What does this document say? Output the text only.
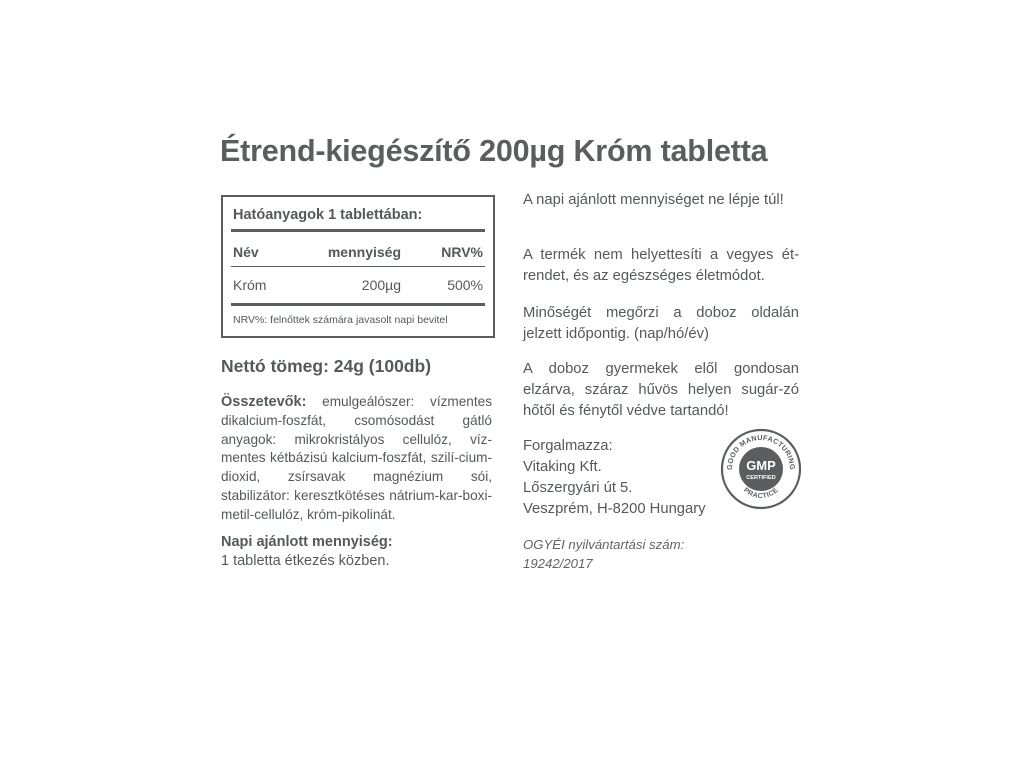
Étrend-kiegészítő 200µg Króm tabletta
Hatóanyagok 1 tablettában:
Név	mennyiség	NRV%
Króm	200µg	500%
NRV%: felnőttek számára javasolt napi bevitel
Nettó tömeg: 24g (100db)
Összetevők: emulgeálószer: vízmentes dikalcium-foszfát, csomósodást gátló anyagok: mikrokristályos cellulóz, víz-mentes kétbázisú kalcium-foszfát, szilí-cium-dioxid, zsírsavak magnézium sói, stabilizátor: keresztkötéses nátrium-kar-boxi-metil-cellulóz, króm-pikolinát.
Napi ajánlott mennyiség:
1 tabletta étkezés közben.
A napi ajánlott mennyiséget ne lépje túl!
A termék nem helyettesíti a vegyes ét-rendet, és az egészséges életmódot.
Minőségét megőrzi a doboz oldalán jelzett időpontig. (nap/hó/év)
A doboz gyermekek elől gondosan elzárva, száraz hűvös helyen sugár-zó hőtől és fénytől védve tartandó!
Forgalmazza:
Vitaking Kft.
Lőszergyári út 5.
Veszprém, H-8200 Hungary
OGYÉI nyilvántartási szám:
19242/2017
GOOD MANUFACTURING
PRACTICE
GMP
CERTIFIED
